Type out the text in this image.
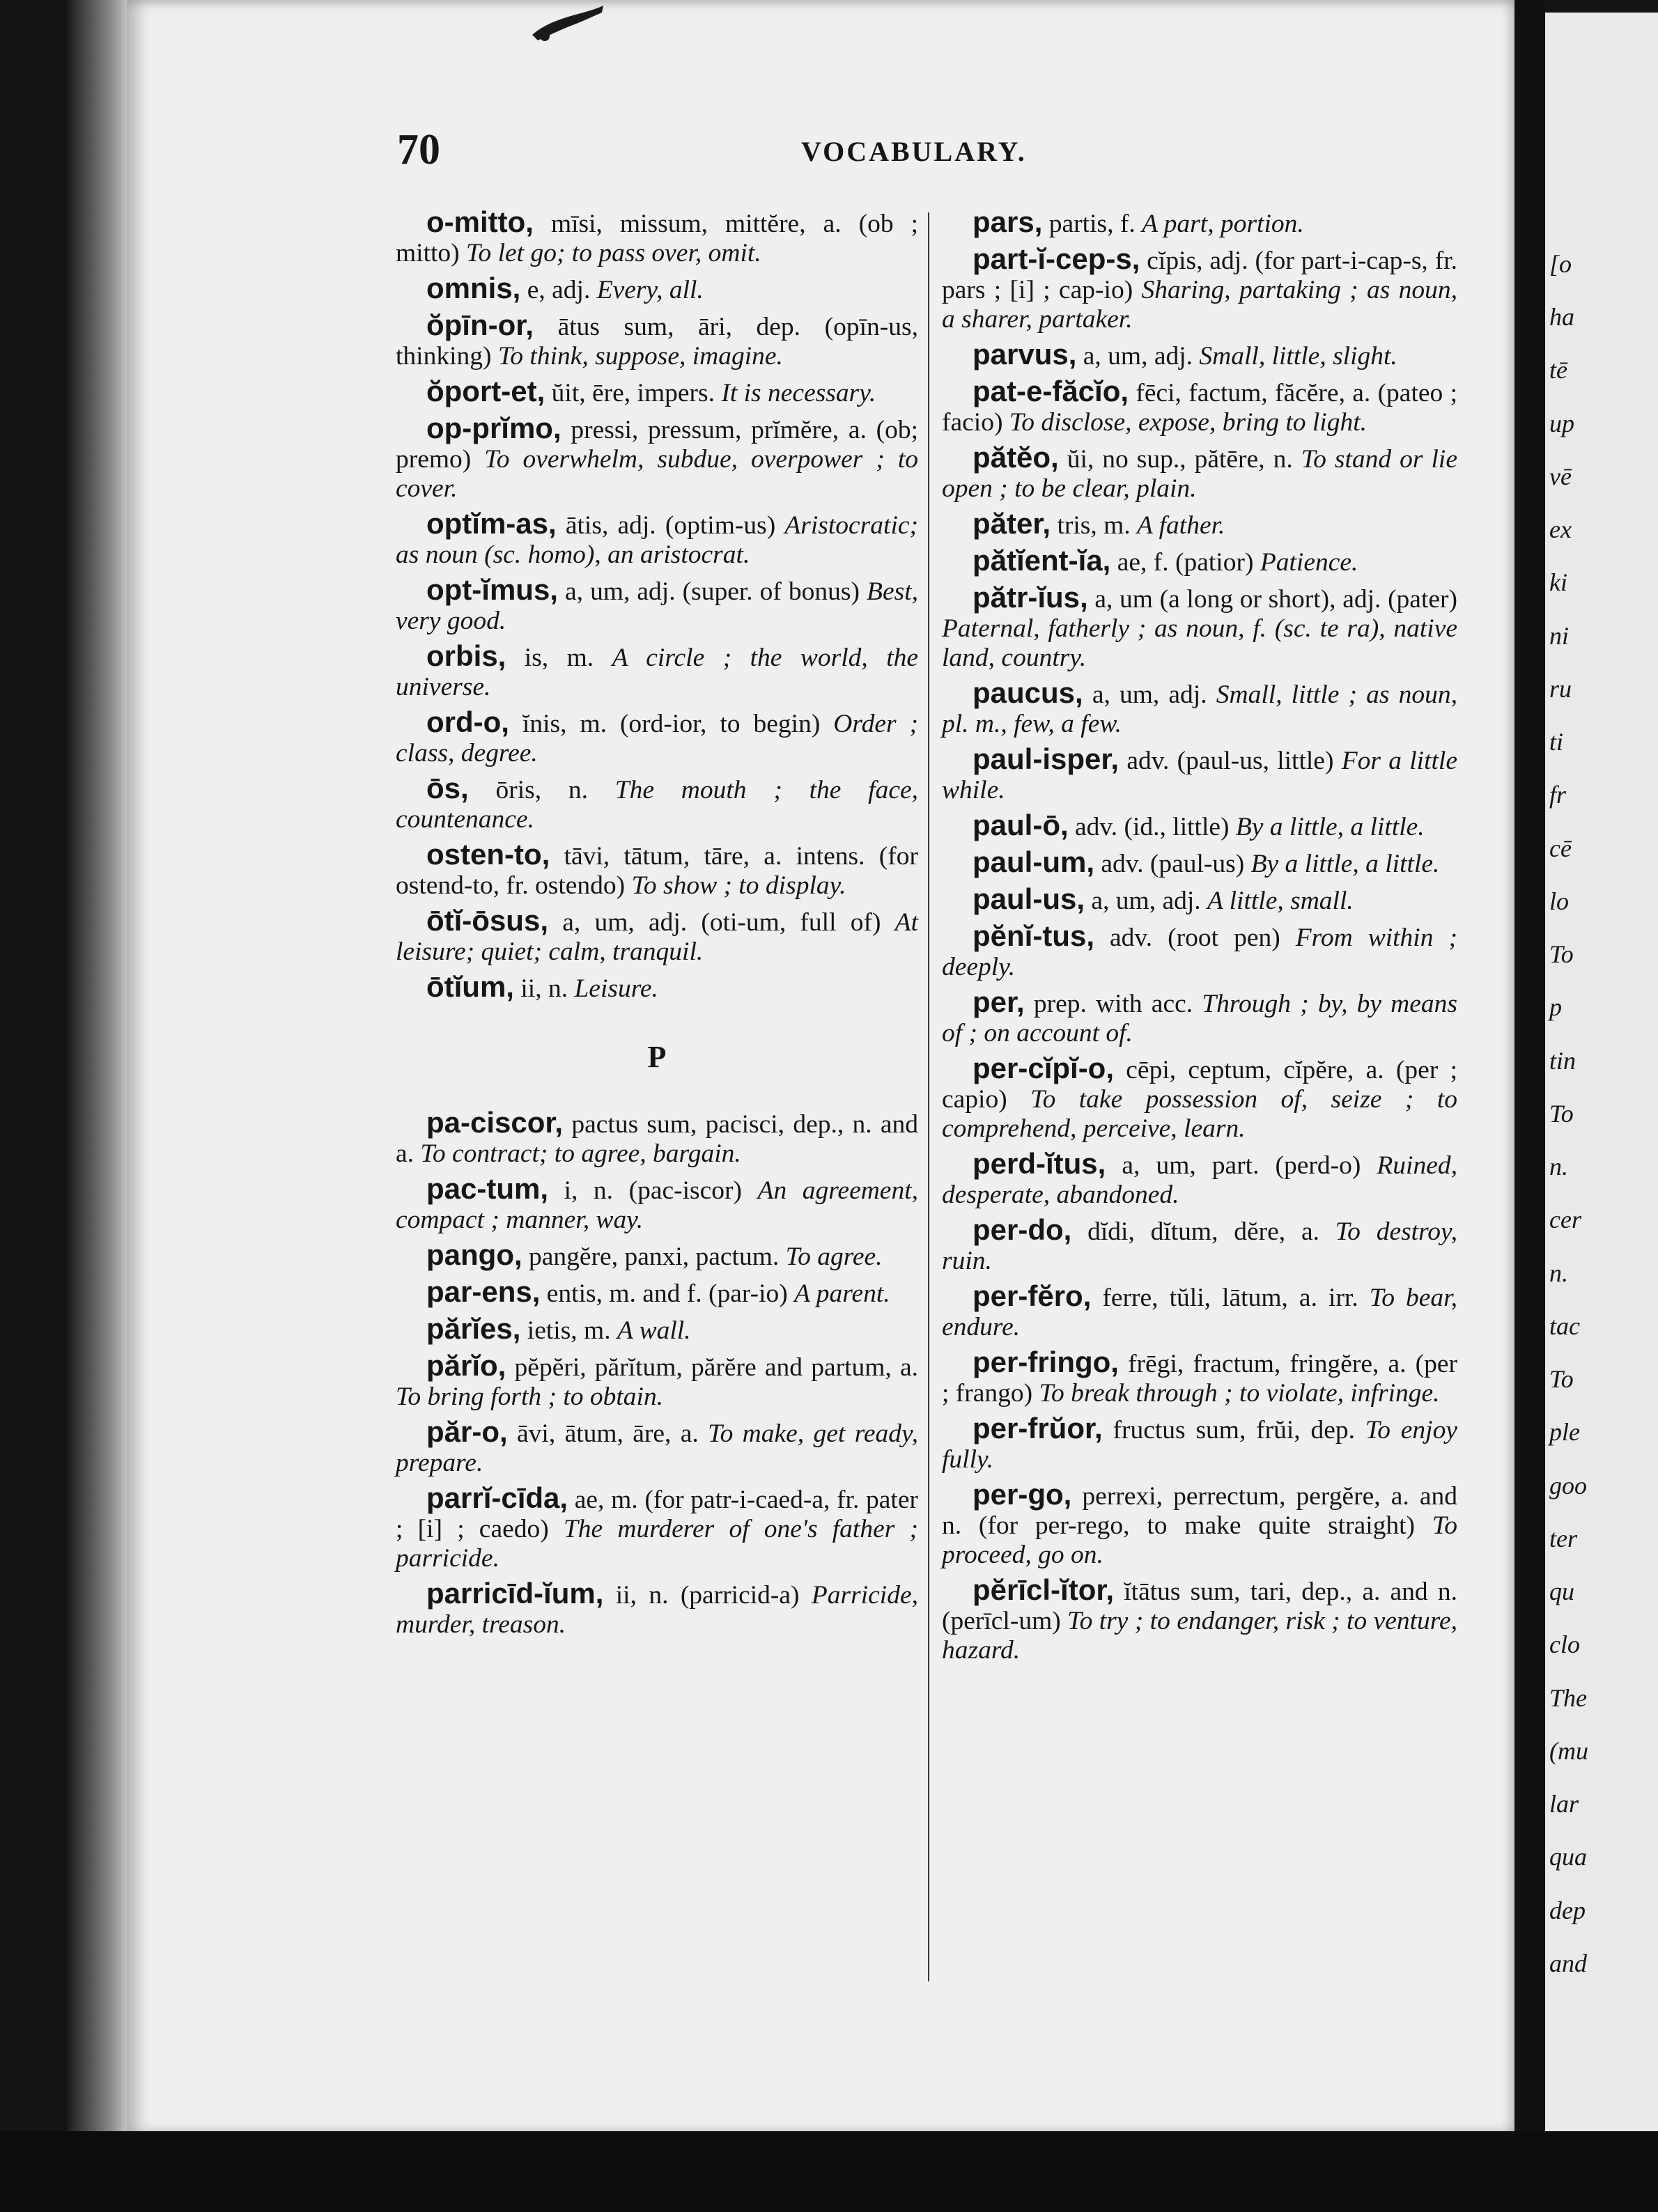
70	VOCABULARY.
o-mitto, mīsi, missum, mittĕre, a. (ob ; mitto) To let go; to pass over, omit.
omnis, e, adj. Every, all.
ŏpīn-or, ātus sum, āri, dep. (opīn-us, thinking) To think, suppose, imagine.
ŏport-et, ŭit, ēre, impers. It is necessary.
op-prĭmo, pressi, pressum, prĭmĕre, a. (ob; premo) To overwhelm, subdue, overpower ; to cover.
optĭm-as, ātis, adj. (optim-us) Aristocratic; as noun (sc. homo), an aristocrat.
opt-ĭmus, a, um, adj. (super. of bonus) Best, very good.
orbis, is, m. A circle ; the world, the universe.
ord-o, ĭnis, m. (ord-ior, to begin) Order ; class, degree.
ōs, ōris, n. The mouth ; the face, countenance.
osten-to, tāvi, tātum, tāre, a. intens. (for ostend-to, fr. ostendo) To show ; to display.
ōtĭ-ōsus, a, um, adj. (oti-um, full of) At leisure; quiet; calm, tranquil.
ōtĭum, ii, n. Leisure.
P
pa-ciscor, pactus sum, pacisci, dep., n. and a. To contract; to agree, bargain.
pac-tum, i, n. (pac-iscor) An agreement, compact ; manner, way.
pango, pangĕre, panxi, pactum. To agree.
par-ens, entis, m. and f. (par-io) A parent.
părĭes, ietis, m. A wall.
părĭo, pĕpĕri, părĭtum, părĕre and partum, a. To bring forth ; to obtain.
păr-o, āvi, ātum, āre, a. To make, get ready, prepare.
parrĭ-cīda, ae, m. (for patr-i-caed-a, fr. pater ; [i] ; caedo) The murderer of one's father ; parricide.
parricīd-ĭum, ii, n. (parricid-a) Parricide, murder, treason.
pars, partis, f. A part, portion.
part-ĭ-cep-s, cĭpis, adj. (for part-i-cap-s, fr. pars ; [i] ; cap-io) Sharing, partaking ; as noun, a sharer, partaker.
parvus, a, um, adj. Small, little, slight.
pat-e-făcĭo, fēci, factum, făcĕre, a. (pateo ; facio) To disclose, expose, bring to light.
pătĕo, ŭi, no sup., pătēre, n. To stand or lie open ; to be clear, plain.
păter, tris, m. A father.
pătĭent-ĭa, ae, f. (patior) Patience.
pătr-ĭus, a, um (a long or short), adj. (pater) Paternal, fatherly ; as noun, f. (sc. te ra), native land, country.
paucus, a, um, adj. Small, little ; as noun, pl. m., few, a few.
paul-isper, adv. (paul-us, little) For a little while.
paul-ō, adv. (id., little) By a little, a little.
paul-um, adv. (paul-us) By a little, a little.
paul-us, a, um, adj. A little, small.
pĕnĭ-tus, adv. (root pen) From within ; deeply.
per, prep. with acc. Through ; by, by means of ; on account of.
per-cĭpĭ-o, cēpi, ceptum, cĭpĕre, a. (per ; capio) To take possession of, seize ; to comprehend, perceive, learn.
perd-ĭtus, a, um, part. (perd-o) Ruined, desperate, abandoned.
per-do, dĭdi, dĭtum, dĕre, a. To destroy, ruin.
per-fĕro, ferre, tŭli, lātum, a. irr. To bear, endure.
per-fringo, frēgi, fractum, fringĕre, a. (per ; frango) To break through ; to violate, infringe.
per-frŭor, fructus sum, frŭi, dep. To enjoy fully.
per-go, perrexi, perrectum, pergĕre, a. and n. (for per-rego, to make quite straight) To proceed, go on.
pĕrīcl-ĭtor, ĭtātus sum, tari, dep., a. and n. (perīcl-um) To try ; to endanger, risk ; to venture, hazard.
[o
ha
tē
up
vē
ex
ki
ni
ru
ti
fr
cē
lo
To
p
tin
To
n.
cer
n.
tac
To
ple
goo
ter
qu
clo
The
(mu
lar
qua
dep
and
